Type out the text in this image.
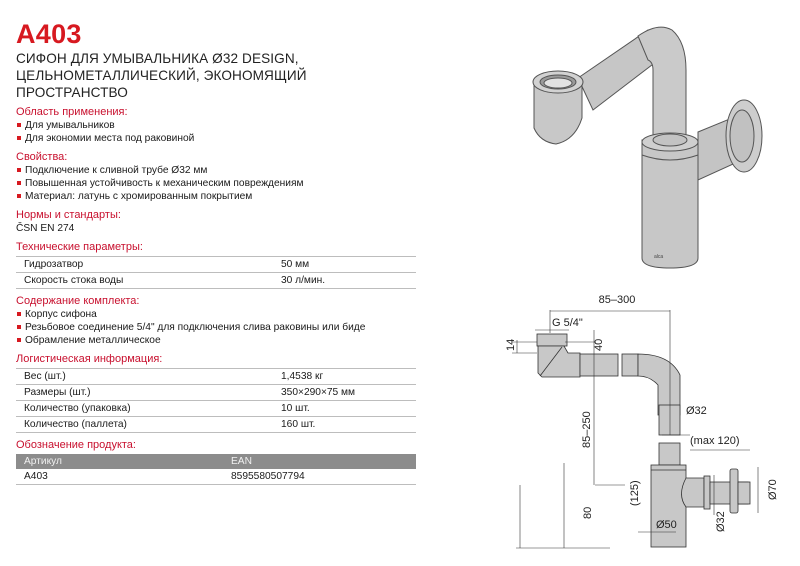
A403
СИФОН ДЛЯ УМЫВАЛЬНИКА Ø32 DESIGN,
ЦЕЛЬНОМЕТАЛЛИЧЕСКИЙ, ЭКОНОМЯЩИЙ ПРОСТРАНСТВО
Область применения:
Для умывальников
Для экономии места под раковиной
Свойства:
Подключение к сливной трубе Ø32 мм
Повышенная устойчивость к механическим повреждениям
Материал: латунь с хромированным покрытием
Нормы и стандарты:
ČSN EN 274
Технические параметры:
Гидрозатвор	50 мм
Скорость стока воды	30 л/мин.
Содержание комплекта:
Корпус сифона
Резьбовое соединение 5/4" для подключения слива раковины или биде
Обрамление металлическое
Логистическая информация:
Вес (шт.)	1,4538 кг
Размеры (шт.)	350×290×75 мм
Количество (упаковка)	10 шт.
Количество (паллета)	160 шт.
Обозначение продукта:
Артикул	EAN
A403	8595580507794
alca
85–300
G 5/4"
14	40
85–250
Ø32
(max 120)
(125)
80
Ø50	Ø32
Ø70
